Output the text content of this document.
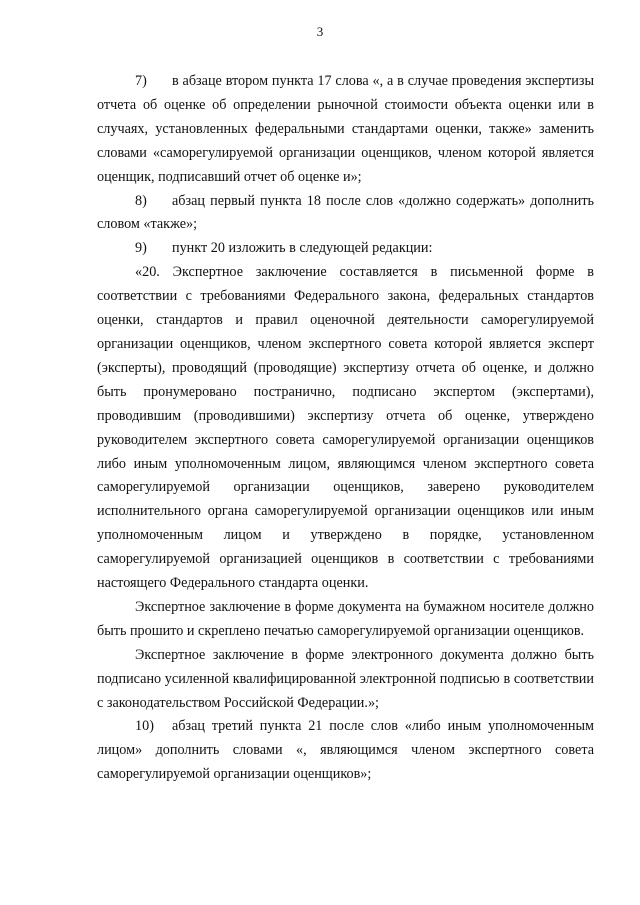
3

7) в абзаце втором пункта 17 слова «, а в случае проведения экспертизы отчета об оценке об определении рыночной стоимости объекта оценки или в случаях, установленных федеральными стандартами оценки, также» заменить словами «саморегулируемой организации оценщиков, членом которой является оценщик, подписавший отчет об оценке и»;

8) абзац первый пункта 18 после слов «должно содержать» дополнить словом «также»;

9) пункт 20 изложить в следующей редакции:

«20. Экспертное заключение составляется в письменной форме в соответствии с требованиями Федерального закона, федеральных стандартов оценки, стандартов и правил оценочной деятельности саморегулируемой организации оценщиков, членом экспертного совета которой является эксперт (эксперты), проводящий (проводящие) экспертизу отчета об оценке, и должно быть пронумеровано постранично, подписано экспертом (экспертами), проводившим (проводившими) экспертизу отчета об оценке, утверждено руководителем экспертного совета саморегулируемой организации оценщиков либо иным уполномоченным лицом, являющимся членом экспертного совета саморегулируемой организации оценщиков, заверено руководителем исполнительного органа саморегулируемой организации оценщиков или иным уполномоченным лицом и утверждено в порядке, установленном саморегулируемой организацией оценщиков в соответствии с требованиями настоящего Федерального стандарта оценки.

Экспертное заключение в форме документа на бумажном носителе должно быть прошито и скреплено печатью саморегулируемой организации оценщиков.

Экспертное заключение в форме электронного документа должно быть подписано усиленной квалифицированной электронной подписью в соответствии с законодательством Российской Федерации.»;

10) абзац третий пункта 21 после слов «либо иным уполномоченным лицом» дополнить словами «, являющимся членом экспертного совета саморегулируемой организации оценщиков»;
